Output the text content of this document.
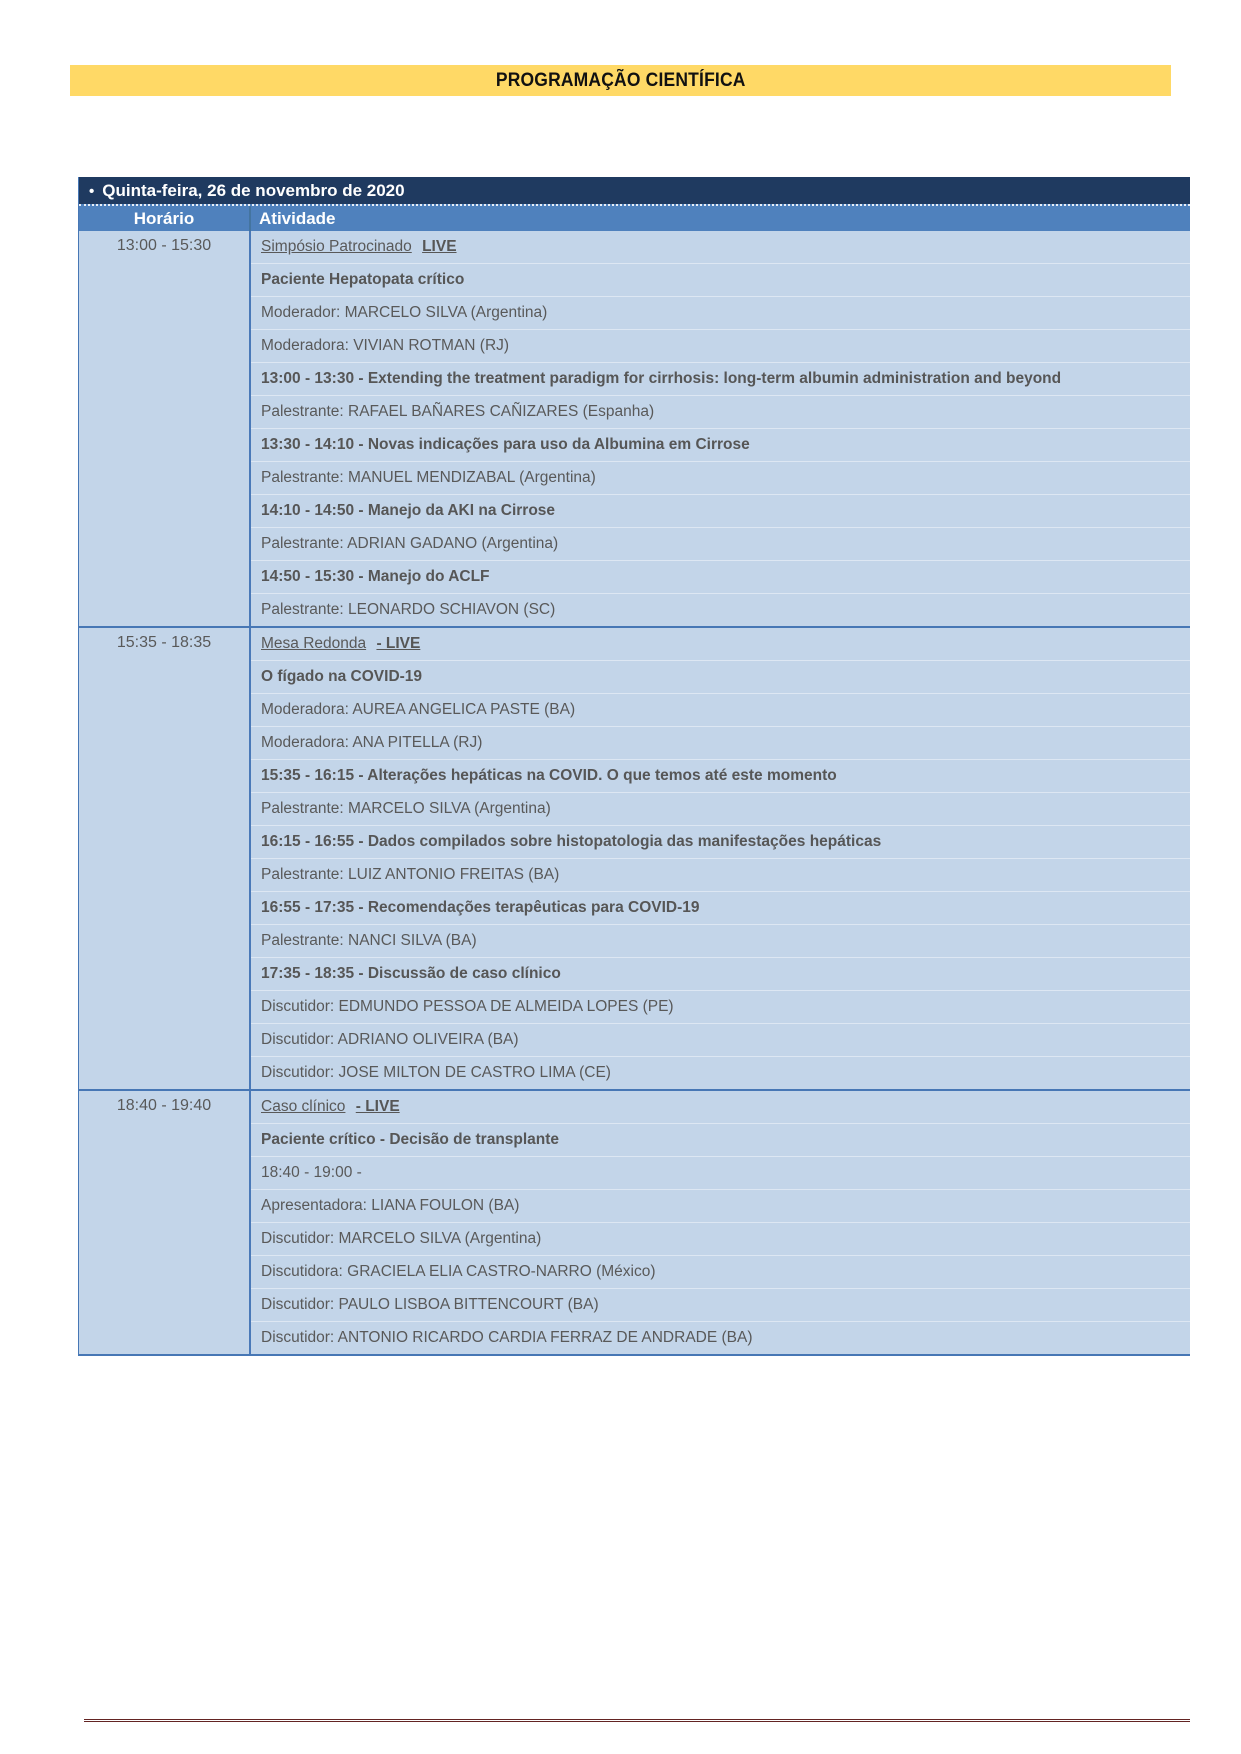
PROGRAMAÇÃO CIENTÍFICA
• Quinta-feira, 26 de novembro de 2020
Horário	Atividade
13:00 - 15:30	Simpósio Patrocinado LIVE
Paciente Hepatopata crítico
Moderador: MARCELO SILVA (Argentina)
Moderadora: VIVIAN ROTMAN (RJ)
13:00 - 13:30 - Extending the treatment paradigm for cirrhosis: long-term albumin administration and beyond
Palestrante: RAFAEL BAÑARES CAÑIZARES (Espanha)
13:30 - 14:10 - Novas indicações para uso da Albumina em Cirrose
Palestrante: MANUEL MENDIZABAL (Argentina)
14:10 - 14:50 - Manejo da AKI na Cirrose
Palestrante: ADRIAN GADANO (Argentina)
14:50 - 15:30 - Manejo do ACLF
Palestrante: LEONARDO SCHIAVON (SC)
15:35 - 18:35	Mesa Redonda - LIVE
O fígado na COVID-19
Moderadora: AUREA ANGELICA PASTE (BA)
Moderadora: ANA PITELLA (RJ)
15:35 - 16:15 - Alterações hepáticas na COVID. O que temos até este momento
Palestrante: MARCELO SILVA (Argentina)
16:15 - 16:55 - Dados compilados sobre histopatologia das manifestações hepáticas
Palestrante: LUIZ ANTONIO FREITAS (BA)
16:55 - 17:35 - Recomendações terapêuticas para COVID-19
Palestrante: NANCI SILVA (BA)
17:35 - 18:35 - Discussão de caso clínico
Discutidor: EDMUNDO PESSOA DE ALMEIDA LOPES (PE)
Discutidor: ADRIANO OLIVEIRA (BA)
Discutidor: JOSE MILTON DE CASTRO LIMA (CE)
18:40 - 19:40	Caso clínico - LIVE
Paciente crítico - Decisão de transplante
18:40 - 19:00 -
Apresentadora: LIANA FOULON (BA)
Discutidor: MARCELO SILVA (Argentina)
Discutidora: GRACIELA ELIA CASTRO-NARRO (México)
Discutidor: PAULO LISBOA BITTENCOURT (BA)
Discutidor: ANTONIO RICARDO CARDIA FERRAZ DE ANDRADE (BA)
